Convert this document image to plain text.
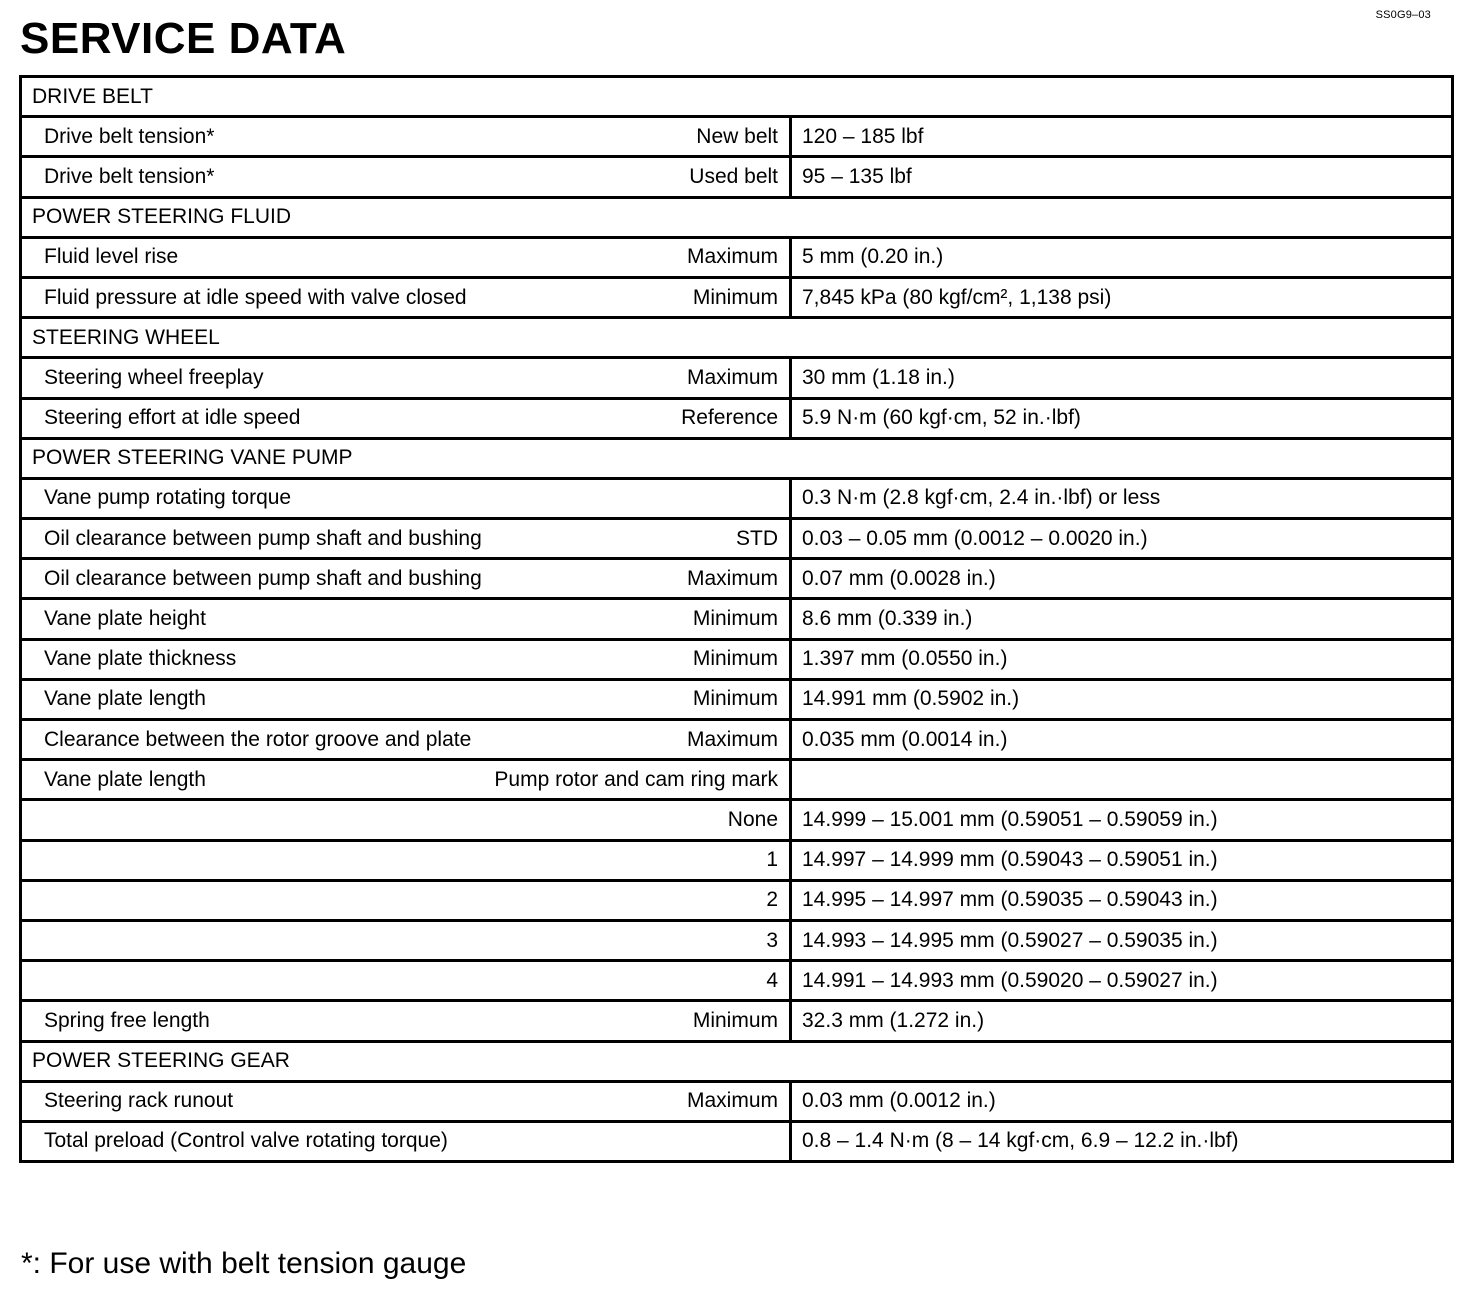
SS0G9–03
SERVICE DATA
DRIVE BELT		
Drive belt tension*	New belt	120 – 185 lbf
Drive belt tension*	Used belt	95 – 135 lbf
POWER STEERING FLUID		
Fluid level rise	Maximum	5 mm (0.20 in.)
Fluid pressure at idle speed with valve closed	Minimum	7,845 kPa (80 kgf/cm², 1,138 psi)
STEERING WHEEL		
Steering wheel freeplay	Maximum	30 mm (1.18 in.)
Steering effort at idle speed	Reference	5.9 N·m (60 kgf·cm, 52 in.·lbf)
POWER STEERING VANE PUMP		
Vane pump rotating torque		0.3 N·m (2.8 kgf·cm, 2.4 in.·lbf) or less
Oil clearance between pump shaft and bushing	STD	0.03 – 0.05 mm (0.0012 – 0.0020 in.)
Oil clearance between pump shaft and bushing	Maximum	0.07 mm (0.0028 in.)
Vane plate height	Minimum	8.6 mm (0.339 in.)
Vane plate thickness	Minimum	1.397 mm (0.0550 in.)
Vane plate length	Minimum	14.991 mm (0.5902 in.)
Clearance between the rotor groove and plate	Maximum	0.035 mm (0.0014 in.)
Vane plate length	Pump rotor and cam ring mark	
	None	14.999 – 15.001 mm (0.59051 – 0.59059 in.)
	1	14.997 – 14.999 mm (0.59043 – 0.59051 in.)
	2	14.995 – 14.997 mm (0.59035 – 0.59043 in.)
	3	14.993 – 14.995 mm (0.59027 – 0.59035 in.)
	4	14.991 – 14.993 mm (0.59020 – 0.59027 in.)
Spring free length	Minimum	32.3 mm (1.272 in.)
POWER STEERING GEAR		
Steering rack runout	Maximum	0.03 mm (0.0012 in.)
Total preload (Control valve rotating torque)		0.8 – 1.4 N·m (8 – 14 kgf·cm, 6.9 – 12.2 in.·lbf)
*: For use with belt tension gauge
